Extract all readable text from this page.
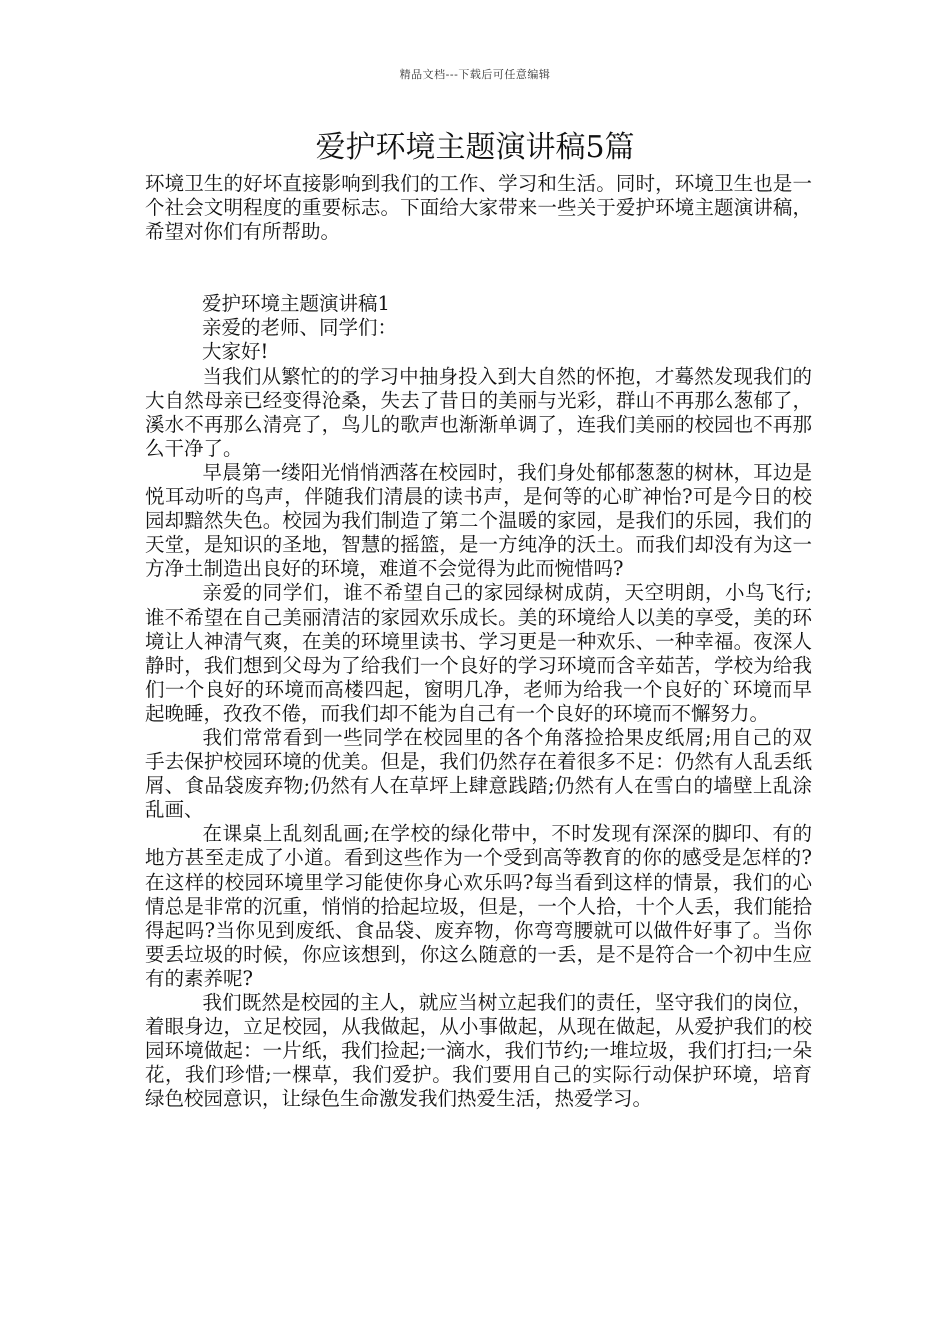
精品文档---下载后可任意编辑
爱护环境主题演讲稿5篇

环境卫生的好坏直接影响到我们的工作、学习和生活。同时，环境卫生也是一个社会文明程度的重要标志。下面给大家带来一些关于爱护环境主题演讲稿，希望对你们有所帮助。

爱护环境主题演讲稿1

亲爱的老师、同学们：

大家好!

当我们从繁忙的的学习中抽身投入到大自然的怀抱，才蓦然发现我们的大自然母亲已经变得沧桑，失去了昔日的美丽与光彩，群山不再那么葱郁了，溪水不再那么清亮了，鸟儿的歌声也渐渐单调了，连我们美丽的校园也不再那么干净了。

早晨第一缕阳光悄悄洒落在校园时，我们身处郁郁葱葱的树林，耳边是悦耳动听的鸟声，伴随我们清晨的读书声，是何等的心旷神怡?可是今日的校园却黯然失色。校园为我们制造了第二个温暖的家园，是我们的乐园，我们的天堂，是知识的圣地，智慧的摇篮，是一方纯净的沃土。而我们却没有为这一方净土制造出良好的环境，难道不会觉得为此而惋惜吗?

亲爱的同学们，谁不希望自己的家园绿树成荫，天空明朗，小鸟飞行;谁不希望在自己美丽清洁的家园欢乐成长。美的环境给人以美的享受，美的环境让人神清气爽，在美的环境里读书、学习更是一种欢乐、一种幸福。夜深人静时，我们想到父母为了给我们一个良好的学习环境而含辛茹苦，学校为给我们一个良好的环境而高楼四起，窗明几净，老师为给我一个良好的`环境而早起晚睡，孜孜不倦，而我们却不能为自己有一个良好的环境而不懈努力。

我们常常看到一些同学在校园里的各个角落捡拾果皮纸屑;用自己的双手去保护校园环境的优美。但是，我们仍然存在着很多不足：仍然有人乱丢纸屑、食品袋废弃物;仍然有人在草坪上肆意践踏;仍然有人在雪白的墙壁上乱涂乱画、

在课桌上乱刻乱画;在学校的绿化带中，不时发现有深深的脚印、有的地方甚至走成了小道。看到这些作为一个受到高等教育的你的感受是怎样的?在这样的校园环境里学习能使你身心欢乐吗?每当看到这样的情景，我们的心情总是非常的沉重，悄悄的拾起垃圾，但是，一个人拾，十个人丢，我们能拾得起吗?当你见到废纸、食品袋、废弃物，你弯弯腰就可以做件好事了。当你要丢垃圾的时候，你应该想到，你这么随意的一丢，是不是符合一个初中生应有的素养呢?

我们既然是校园的主人，就应当树立起我们的责任，坚守我们的岗位，着眼身边，立足校园，从我做起，从小事做起，从现在做起，从爱护我们的校园环境做起：一片纸，我们捡起;一滴水，我们节约;一堆垃圾，我们打扫;一朵花，我们珍惜;一棵草，我们爱护。我们要用自己的实际行动保护环境，培育绿色校园意识，让绿色生命激发我们热爱生活，热爱学习。
